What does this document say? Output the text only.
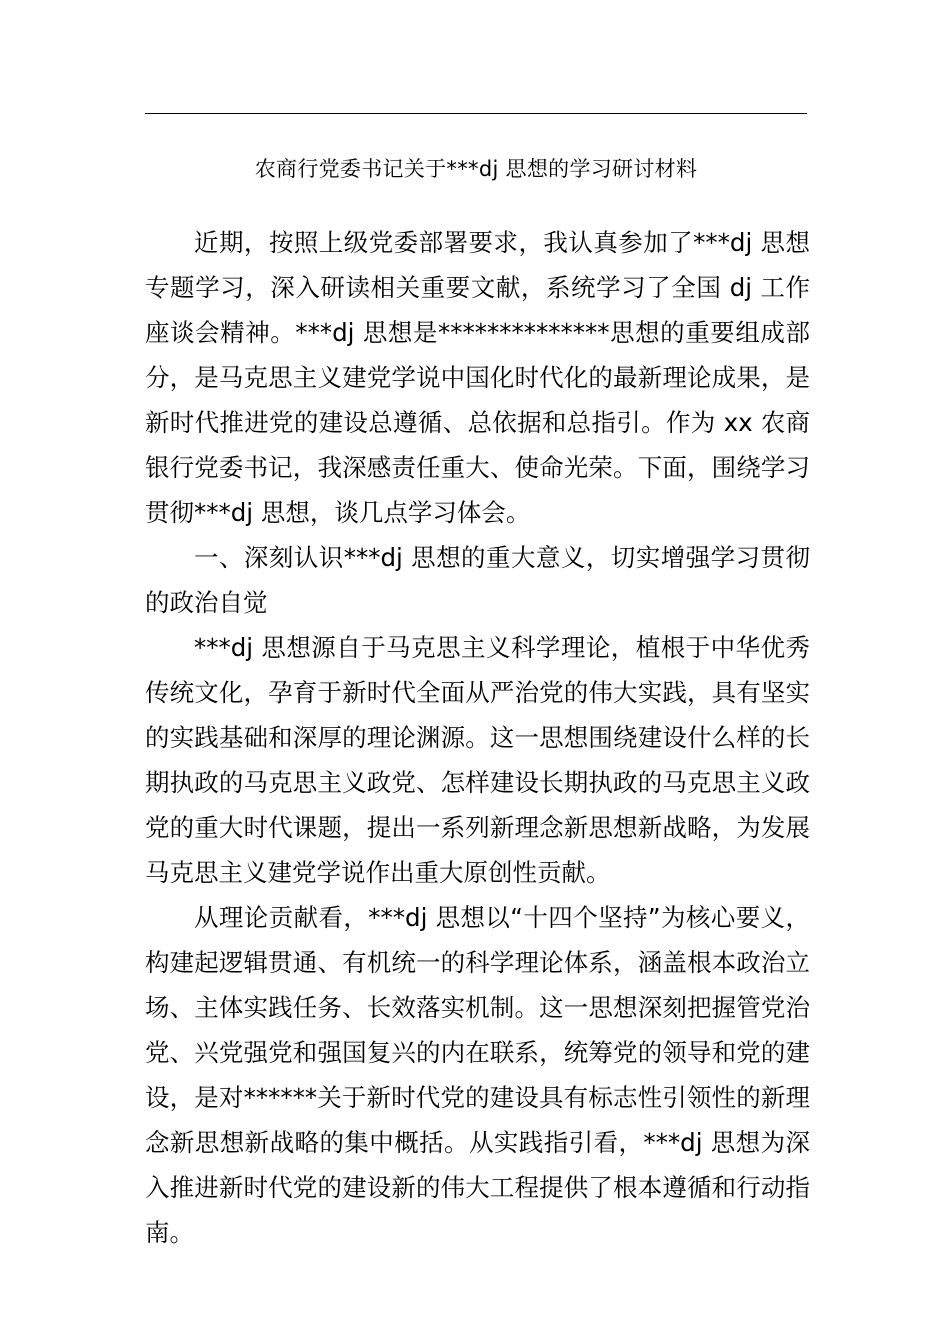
农商行党委书记关于***dj 思想的学习研讨材料

近期，按照上级党委部署要求，我认真参加了***dj 思想专题学习，深入研读相关重要文献，系统学习了全国 dj 工作座谈会精神。***dj 思想是**************思想的重要组成部分，是马克思主义建党学说中国化时代化的最新理论成果，是新时代推进党的建设总遵循、总依据和总指引。作为 xx 农商银行党委书记，我深感责任重大、使命光荣。下面，围绕学习贯彻***dj 思想，谈几点学习体会。

一、深刻认识***dj 思想的重大意义，切实增强学习贯彻的政治自觉

***dj 思想源自于马克思主义科学理论，植根于中华优秀传统文化，孕育于新时代全面从严治党的伟大实践，具有坚实的实践基础和深厚的理论渊源。这一思想围绕建设什么样的长期执政的马克思主义政党、怎样建设长期执政的马克思主义政党的重大时代课题，提出一系列新理念新思想新战略，为发展马克思主义建党学说作出重大原创性贡献。

从理论贡献看，***dj 思想以“十四个坚持”为核心要义，构建起逻辑贯通、有机统一的科学理论体系，涵盖根本政治立场、主体实践任务、长效落实机制。这一思想深刻把握管党治党、兴党强党和强国复兴的内在联系，统筹党的领导和党的建设，是对******关于新时代党的建设具有标志性引领性的新理念新思想新战略的集中概括。从实践指引看，***dj 思想为深入推进新时代党的建设新的伟大工程提供了根本遵循和行动指南。
